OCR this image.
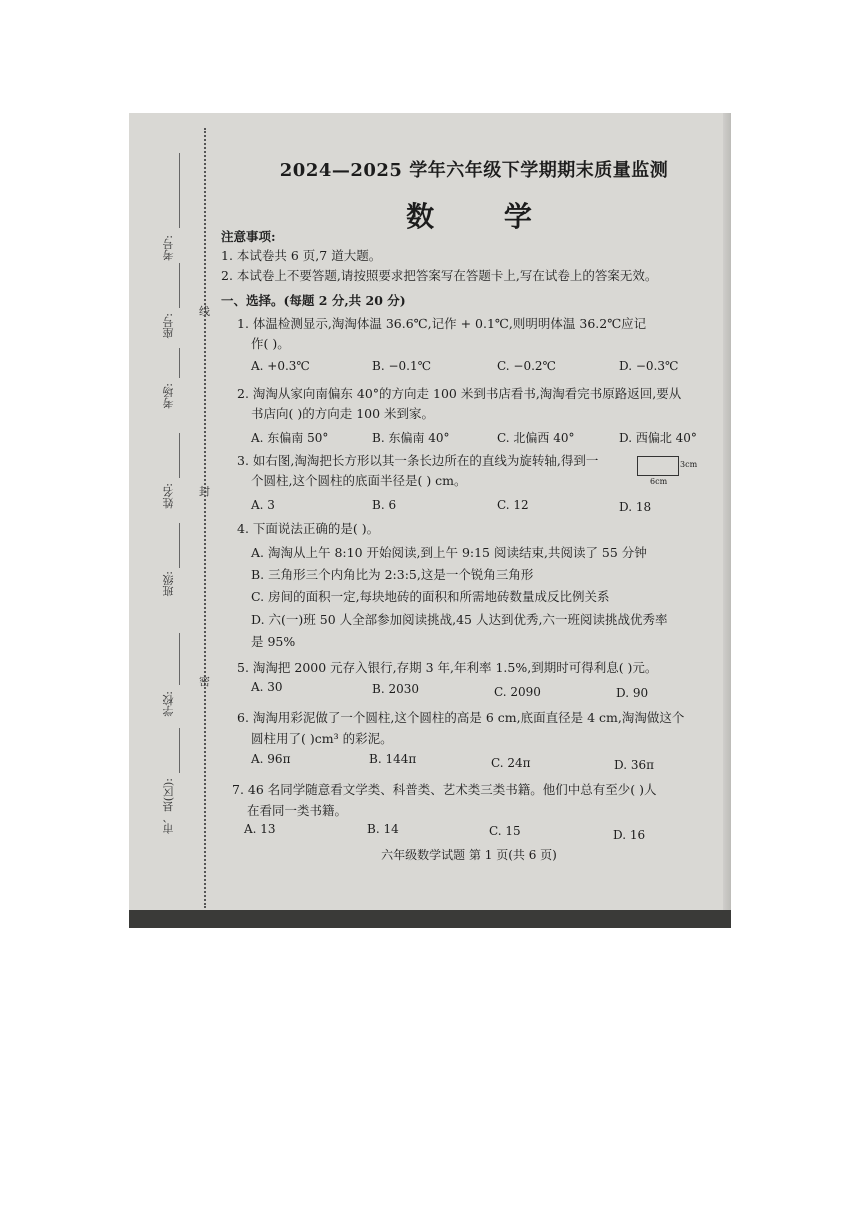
线
封
密
考号:
座号:
考场:
姓名:
班级:
学校:
市、县(区):
2024—2025 学年六年级下学期期末质量监测
数 学
注意事项:
1. 本试卷共 6 页,7 道大题。
2. 本试卷上不要答题,请按照要求把答案写在答题卡上,写在试卷上的答案无效。
一、选择。(每题 2 分,共 20 分)
1. 体温检测显示,淘淘体温 36.6℃,记作 + 0.1℃,则明明体温 36.2℃应记
作( )。
A. +0.3℃	B. −0.1℃	C. −0.2℃	D. −0.3℃
2. 淘淘从家向南偏东 40°的方向走 100 米到书店看书,淘淘看完书原路返回,要从
书店向( )的方向走 100 米到家。
A. 东偏南 50°	B. 东偏南 40°	C. 北偏西 40°	D. 西偏北 40°
3. 如右图,淘淘把长方形以其一条长边所在的直线为旋转轴,得到一
个圆柱,这个圆柱的底面半径是( ) cm。
3cm
6cm
A. 3	B. 6	C. 12	D. 18
4. 下面说法正确的是( )。
A. 淘淘从上午 8:10 开始阅读,到上午 9:15 阅读结束,共阅读了 55 分钟
B. 三角形三个内角比为 2:3:5,这是一个锐角三角形
C. 房间的面积一定,每块地砖的面积和所需地砖数量成反比例关系
D. 六(一)班 50 人全部参加阅读挑战,45 人达到优秀,六一班阅读挑战优秀率
是 95%
5. 淘淘把 2000 元存入银行,存期 3 年,年利率 1.5%,到期时可得利息( )元。
A. 30	B. 2030	C. 2090	D. 90
6. 淘淘用彩泥做了一个圆柱,这个圆柱的高是 6 cm,底面直径是 4 cm,淘淘做这个
圆柱用了( )cm³ 的彩泥。
A. 96π	B. 144π	C. 24π	D. 36π
7. 46 名同学随意看文学类、科普类、艺术类三类书籍。他们中总有至少( )人
在看同一类书籍。
A. 13	B. 14	C. 15	D. 16
六年级数学试题 第 1 页(共 6 页)
